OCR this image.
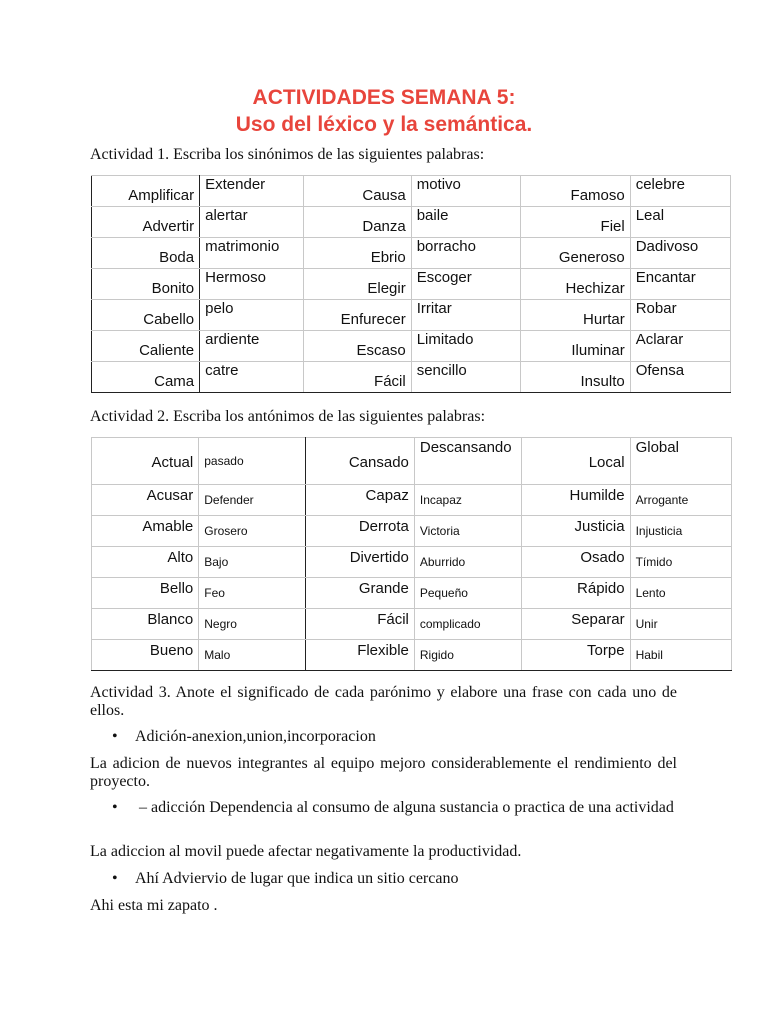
ACTIVIDADES SEMANA 5:
Uso del léxico y la semántica.

Actividad 1. Escriba los sinónimos de las siguientes palabras:

Amplificar	Extender	Causa	motivo	Famoso	celebre
Advertir	alertar	Danza	baile	Fiel	Leal
Boda	matrimonio	Ebrio	borracho	Generoso	Dadivoso
Bonito	Hermoso	Elegir	Escoger	Hechizar	Encantar
Cabello	pelo	Enfurecer	Irritar	Hurtar	Robar
Caliente	ardiente	Escaso	Limitado	Iluminar	Aclarar
Cama	catre	Fácil	sencillo	Insulto	Ofensa

Actividad 2. Escriba los antónimos de las siguientes palabras:

Actual	pasado	Cansado	Descansando	Local	Global
Acusar	Defender	Capaz	Incapaz	Humilde	Arrogante
Amable	Grosero	Derrota	Victoria	Justicia	Injusticia
Alto	Bajo	Divertido	Aburrido	Osado	Tímido
Bello	Feo	Grande	Pequeño	Rápido	Lento
Blanco	Negro	Fácil	complicado	Separar	Unir
Bueno	Malo	Flexible	Rigido	Torpe	Habil

Actividad 3. Anote el significado de cada parónimo y elabore una frase con cada uno de ellos.

• Adición-anexion,union,incorporacion

La adicion de nuevos integrantes al equipo mejoro considerablemente el rendimiento del proyecto.

• – adicción Dependencia al consumo de alguna sustancia o practica de una actividad

La adiccion al movil puede afectar negativamente la productividad.

• Ahí Adviervio de lugar que indica un sitio cercano

Ahi esta mi zapato .
